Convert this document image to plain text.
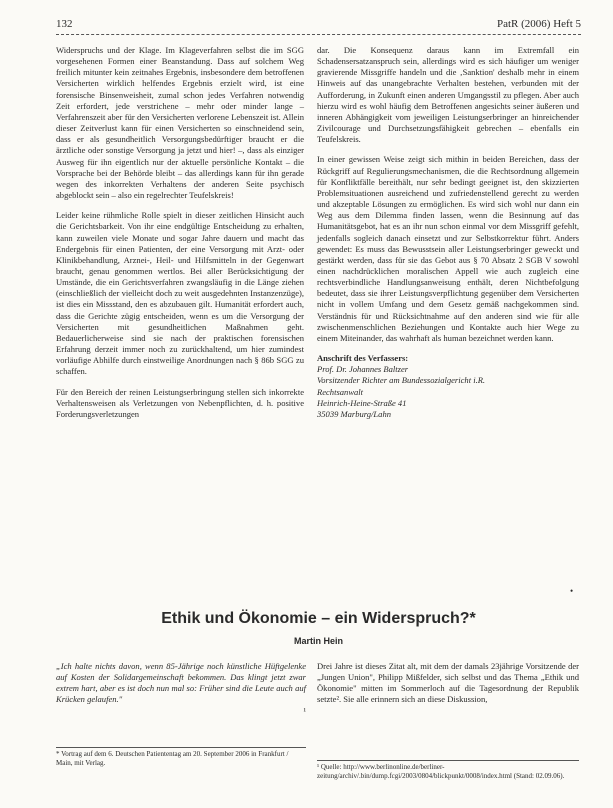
132	PatR (2006) Heft 5

Widerspruchs und der Klage. Im Klageverfahren selbst die im SGG vorgesehenen Formen einer Beanstandung. Dass auf solchem Weg freilich mitunter kein zeitnahes Ergebnis, insbesondere dem betroffenen Versicherten wirklich helfendes Ergebnis erzielt wird, ist eine forensische Binsenweisheit, zumal schon jedes Verfahren notwendig Zeit erfordert, jede verstrichene – mehr oder minder lange – Verfahrenszeit aber für den Versicherten verlorene Lebenszeit ist. Allein dieser Zeitverlust kann für einen Versicherten so einschneidend sein, dass er als gesundheitlich Versorgungsbedürftiger braucht er die ärztliche oder sonstige Versorgung ja jetzt und hier! –, dass als einziger Ausweg für ihn eigentlich nur der aktuelle persönliche Kontakt – die Vorsprache bei der Behörde bleibt – das allerdings kann für ihn gerade wegen des inkorrekten Verhaltens der anderen Seite psychisch abgeblockt sein – also ein regelrechter Teufelskreis!

Leider keine rühmliche Rolle spielt in dieser zeitlichen Hinsicht auch die Gerichtsbarkeit. Von ihr eine endgültige Entscheidung zu erhalten, kann zuweilen viele Monate und sogar Jahre dauern und macht das Endergebnis für einen Patienten, der eine Versorgung mit Arzt- oder Klinikbehandlung, Arznei-, Heil- und Hilfsmitteln in der Gegenwart braucht, genau genommen wertlos. Bei aller Berücksichtigung der Umstände, die ein Gerichtsverfahren zwangsläufig in die Länge ziehen (einschließlich der vielleicht doch zu weit ausgedehnten Instanzenzüge), ist dies ein Missstand, den es abzubauen gilt. Humanität erfordert auch, dass die Gerichte zügig entscheiden, wenn es um die Versorgung der Versicherten mit gesundheitlichen Maßnahmen geht. Bedauerlicherweise sind sie nach der praktischen forensischen Erfahrung derzeit immer noch zu zurückhaltend, um hier zumindest vorläufige Abhilfe durch einstweilige Anordnungen nach § 86b SGG zu schaffen.

Für den Bereich der reinen Leistungserbringung stellen sich inkorrekte Verhaltensweisen als Verletzungen von Nebenpflichten, d. h. positive Forderungsverletzungen

dar. Die Konsequenz daraus kann im Extremfall ein Schadensersatzanspruch sein, allerdings wird es sich häufiger um weniger gravierende Missgriffe handeln und die ‚Sanktion' deshalb mehr in einem Hinweis auf das unangebrachte Verhalten bestehen, verbunden mit der Aufforderung, in Zukunft einen anderen Umgangsstil zu pflegen. Aber auch hierzu wird es wohl häufig dem Betroffenen angesichts seiner äußeren und inneren Abhängigkeit vom jeweiligen Leistungserbringer an hinreichender Zivilcourage und Durchsetzungsfähigkeit gebrechen – ebenfalls ein Teufelskreis.

In einer gewissen Weise zeigt sich mithin in beiden Bereichen, dass der Rückgriff auf Regulierungsmechanismen, die die Rechtsordnung allgemein für Konfliktfälle bereithält, nur sehr bedingt geeignet ist, den skizzierten Problemsituationen ausreichend und zufriedenstellend gerecht zu werden und akzeptable Lösungen zu ermöglichen. Es wird sich wohl nur dann ein Weg aus dem Dilemma finden lassen, wenn die Besinnung auf das Humanitätsgebot, hat es an ihr nun schon einmal vor dem Missgriff gefehlt, jedenfalls sogleich danach einsetzt und zur Selbstkorrektur führt. Anders gewendet: Es muss das Bewusstsein aller Leistungserbringer geweckt und gestärkt werden, dass für sie das Gebot aus § 70 Absatz 2 SGB V sowohl einen nachdrücklichen moralischen Appell wie auch zugleich eine rechtsverbindliche Handlungsanweisung enthält, deren Nichtbefolgung bedeutet, dass sie ihrer Leistungsverpflichtung gegenüber dem Versicherten nicht in vollem Umfang und dem Gesetz gemäß nachgekommen sind. Verständnis für und Rücksichtnahme auf den anderen sind wie für alle zwischenmenschlichen Beziehungen und Kontakte auch hier Wege zu einem Miteinander, das wahrhaft als human bezeichnet werden kann.

Anschrift des Verfassers:
Prof. Dr. Johannes Baltzer
Vorsitzender Richter am Bundessozialgericht i.R.
Rechtsanwalt
Heinrich-Heine-Straße 41
35039 Marburg/Lahn
•
Ethik und Ökonomie – ein Widerspruch?*
Martin Hein
„Ich halte nichts davon, wenn 85-Jährige noch künstliche Hüftgelenke auf Kosten der Solidargemeinschaft bekommen. Das klingt jetzt zwar extrem hart, aber es ist doch nun mal so: Früher sind die Leute auch auf Krücken gelaufen."
¹
Drei Jahre ist dieses Zitat alt, mit dem der damals 23jährige Vorsitzende der „Jungen Union", Philipp Mißfelder, sich selbst und das Thema „Ethik und Ökonomie" mitten im Sommerloch auf die Tagesordnung der Republik setzte². Sie alle erinnern sich an diese Diskussion,
* Vortrag auf dem 6. Deutschen Patiententag am 20. September 2006 in Frankfurt / Main, mit Verlag.	¹ Quelle: http://www.berlinonline.de/berliner-zeitung/archiv/.bin/dump.fcgi/2003/0804/blickpunkt/0008/index.html (Stand: 02.09.06).
